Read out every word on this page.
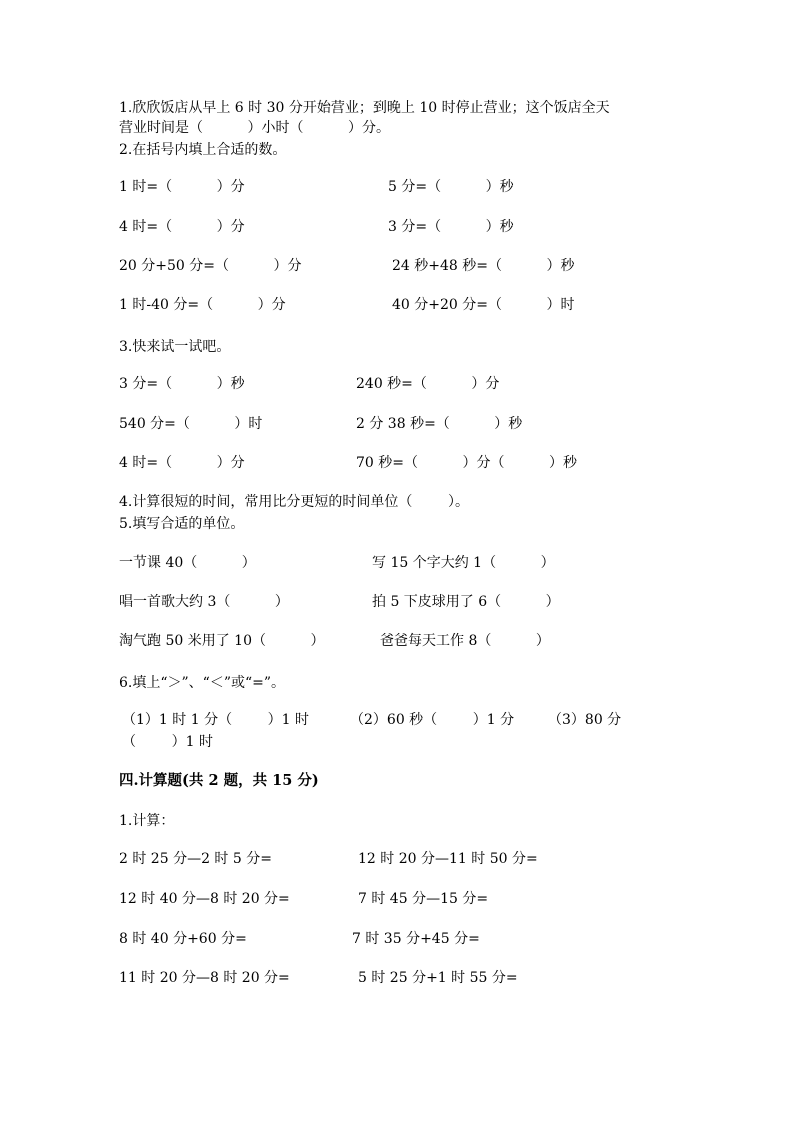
1.欣欣饭店从早上 6 时 30 分开始营业；到晚上 10 时停止营业；这个饭店全天
营业时间是（          ）小时（          ）分。
2.在括号内填上合适的数。
1 时=（          ）分	5 分=（          ）秒
4 时=（          ）分	3 分=（          ）秒
20 分+50 分=（          ）分	24 秒+48 秒=（          ）秒
1 时-40 分=（          ）分	40 分+20 分=（          ）时
3.快来试一试吧。
3 分=（          ）秒	240 秒=（          ）分
540 分=（          ）时	2 分 38 秒=（          ）秒
4 时=（          ）分	70 秒=（          ）分（          ）秒
4.计算很短的时间，常用比分更短的时间单位（        ）。
5.填写合适的单位。
一节课 40（          ）	写 15 个字大约 1（          ）
唱一首歌大约 3（          ）	拍 5 下皮球用了 6（          ）
淘气跑 50 米用了 10（          ）	爸爸每天工作 8（          ）
6.填上“＞”、“＜”或“=”。
（1）1 时 1 分（        ）1 时	（2）60 秒（        ）1 分 （3）80 分
（        ）1 时
四.计算题(共 2 题，共 15 分)
1.计算：
2 时 25 分—2 时 5 分=	12 时 20 分—11 时 50 分=
12 时 40 分—8 时 20 分=	7 时 45 分—15 分=
8 时 40 分+60 分=	7 时 35 分+45 分=
11 时 20 分—8 时 20 分=	5 时 25 分+1 时 55 分=
